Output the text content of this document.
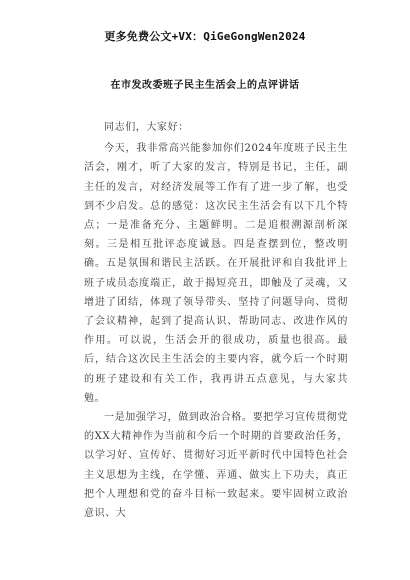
更多免费公文+VX：QiGeGongWen2024
在市发改委班子民主生活会上的点评讲话

同志们，大家好：

今天，我非常高兴能参加你们2024年度班子民主生活会，刚才，听了大家的发言，特别是书记，主任，副主任的发言，对经济发展等工作有了进一步了解，也受到不少启发。总的感觉：这次民主生活会有以下几个特点；一是准备充分、主题鲜明。二是追根溯源剖析深刻。三是相互批评态度诚恳。四是查摆到位，整改明确。五是氛围和谐民主活跃。在开展批评和自我批评上班子成员态度端正，敢于揭短亮丑，即触及了灵魂，又增进了团结，体现了领导带头、坚持了问题导向、贯彻了会议精神，起到了提高认识、帮助同志、改进作风的作用。可以说，生活会开的很成功，质量也很高。最后，结合这次民主生活会的主要内容，就今后一个时期的班子建设和有关工作，我再讲五点意见，与大家共勉。

一是加强学习，做到政治合格。要把学习宣传贯彻党的XX大精神作为当前和今后一个时期的首要政治任务，以学习好、宣传好、贯彻好习近平新时代中国特色社会主义思想为主线，在学懂、弄通、做实上下功夫，真正把个人理想和党的奋斗目标一致起来。要牢固树立政治意识、大
